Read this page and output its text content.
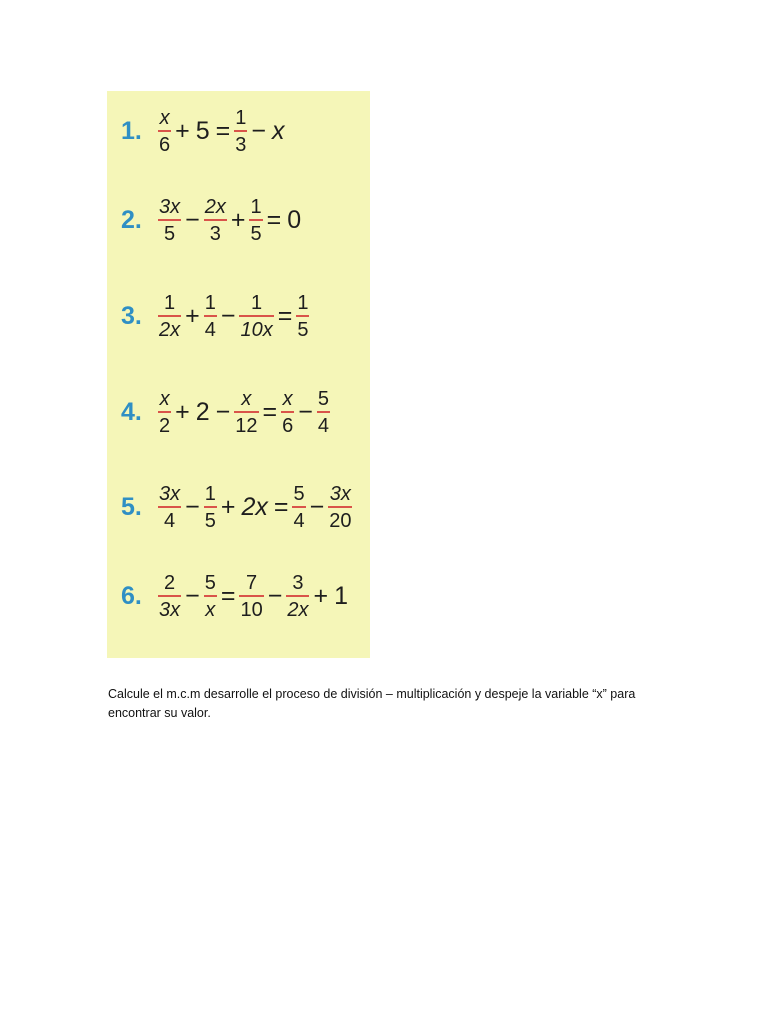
1. $\frac{x}{6} + 5 = \frac{1}{3} - x$
2. $\frac{3x}{5} - \frac{2x}{3} + \frac{1}{5} = 0$
3. $\frac{1}{2x} + \frac{1}{4} - \frac{1}{10x} = \frac{1}{5}$
4. $\frac{x}{2} + 2 - \frac{x}{12} = \frac{x}{6} - \frac{5}{4}$
5. $\frac{3x}{4} - \frac{1}{5} + 2x = \frac{5}{4} - \frac{3x}{20}$
6. $\frac{2}{3x} - \frac{5}{x} = \frac{7}{10} - \frac{3}{2x} + 1$

Calcule el m.c.m desarrolle el proceso de división – multiplicación y despeje la variable “x” para encontrar su valor.
